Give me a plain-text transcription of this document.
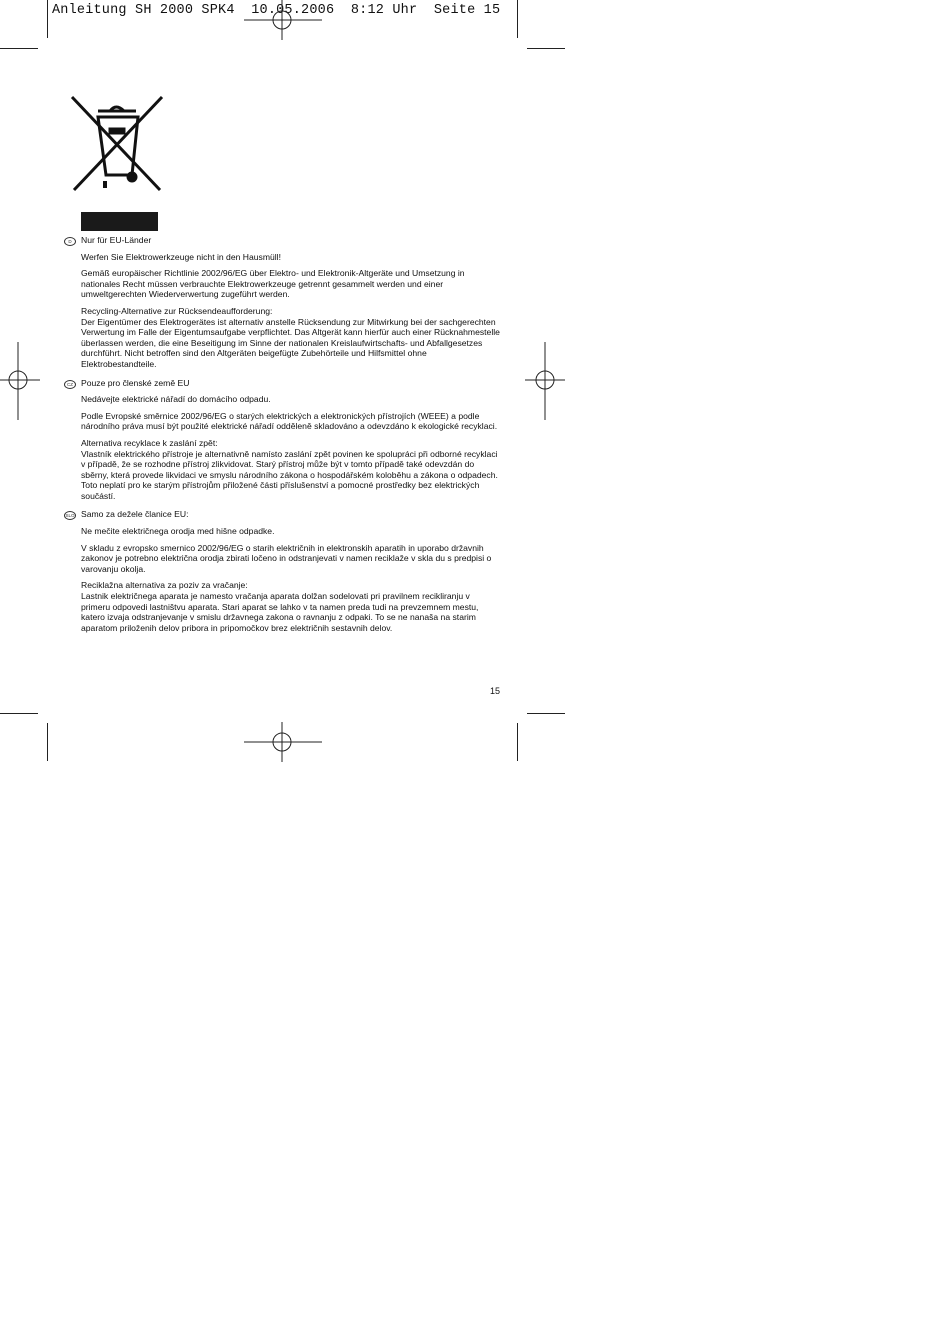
Anleitung SH 2000 SPK4  10.05.2006  8:12 Uhr  Seite 15
D	Nur für EU-Länder
Werfen Sie Elektrowerkzeuge nicht in den Hausmüll!
Gemäß europäischer Richtlinie 2002/96/EG über Elektro- und Elektronik-Altgeräte und Umsetzung in nationales Recht müssen verbrauchte Elektrowerkzeuge getrennt gesammelt werden und einer umweltgerechten Wiederverwertung zugeführt werden.
Recycling-Alternative zur Rücksendeaufforderung:
Der Eigentümer des Elektrogerätes ist alternativ anstelle Rücksendung zur Mitwirkung bei der sachgerechten Verwertung im Falle der Eigentumsaufgabe verpflichtet. Das Altgerät kann hierfür auch einer Rücknahmestelle überlassen werden, die eine Beseitigung im Sinne der nationalen Kreislaufwirtschafts- und Abfallgesetzes durchführt. Nicht betroffen sind den Altgeräten beigefügte Zubehörteile und Hilfsmittel ohne Elektrobestandteile.
CZ Pouze pro členské země EU
Nedávejte elektrické nářadí do domácího odpadu.
Podle Evropské směrnice 2002/96/EG o starých elektrických a elektronických přístrojích (WEEE) a podle národního práva musí být použité elektrické nářadí odděleně skladováno a odevzdáno k ekologické recyklaci.
Alternativa recyklace k zaslání zpět:
Vlastník elektrického přístroje je alternativně namísto zaslání zpět povinen ke spolupráci při odborné recyklaci v případě, že se rozhodne přístroj zlikvidovat. Starý přístroj může být v tomto případě také odevzdán do sběrny, která provede likvidaci ve smyslu národního zákona o hospodářském koloběhu a zákona o odpadech. Toto neplatí pro ke starým přístrojům přiložené části příslušenství a pomocné prostředky bez elektrických součástí.
SLO Samo za dežele članice EU:
Ne mečite električnega orodja med hišne odpadke.
V skladu z evropsko smernico 2002/96/EG o starih električnih in elektronskih aparatih in uporabo državnih zakonov je potrebno električna orodja zbirati ločeno in odstranjevati v namen reciklaže v skla du s predpisi o varovanju okolja.
Reciklažna alternativa za poziv za vračanje:
Lastnik električnega aparata je namesto vračanja aparata dolžan sodelovati pri pravilnem recikliranju v primeru odpovedi lastništvu aparata. Stari aparat se lahko v ta namen preda tudi na prevzemnem mestu, katero izvaja odstranjevanje v smislu državnega zakona o ravnanju z odpaki. To se ne nanaša na starim aparatom priloženih delov pribora in pripomočkov brez električnih sestavnih delov.
15
